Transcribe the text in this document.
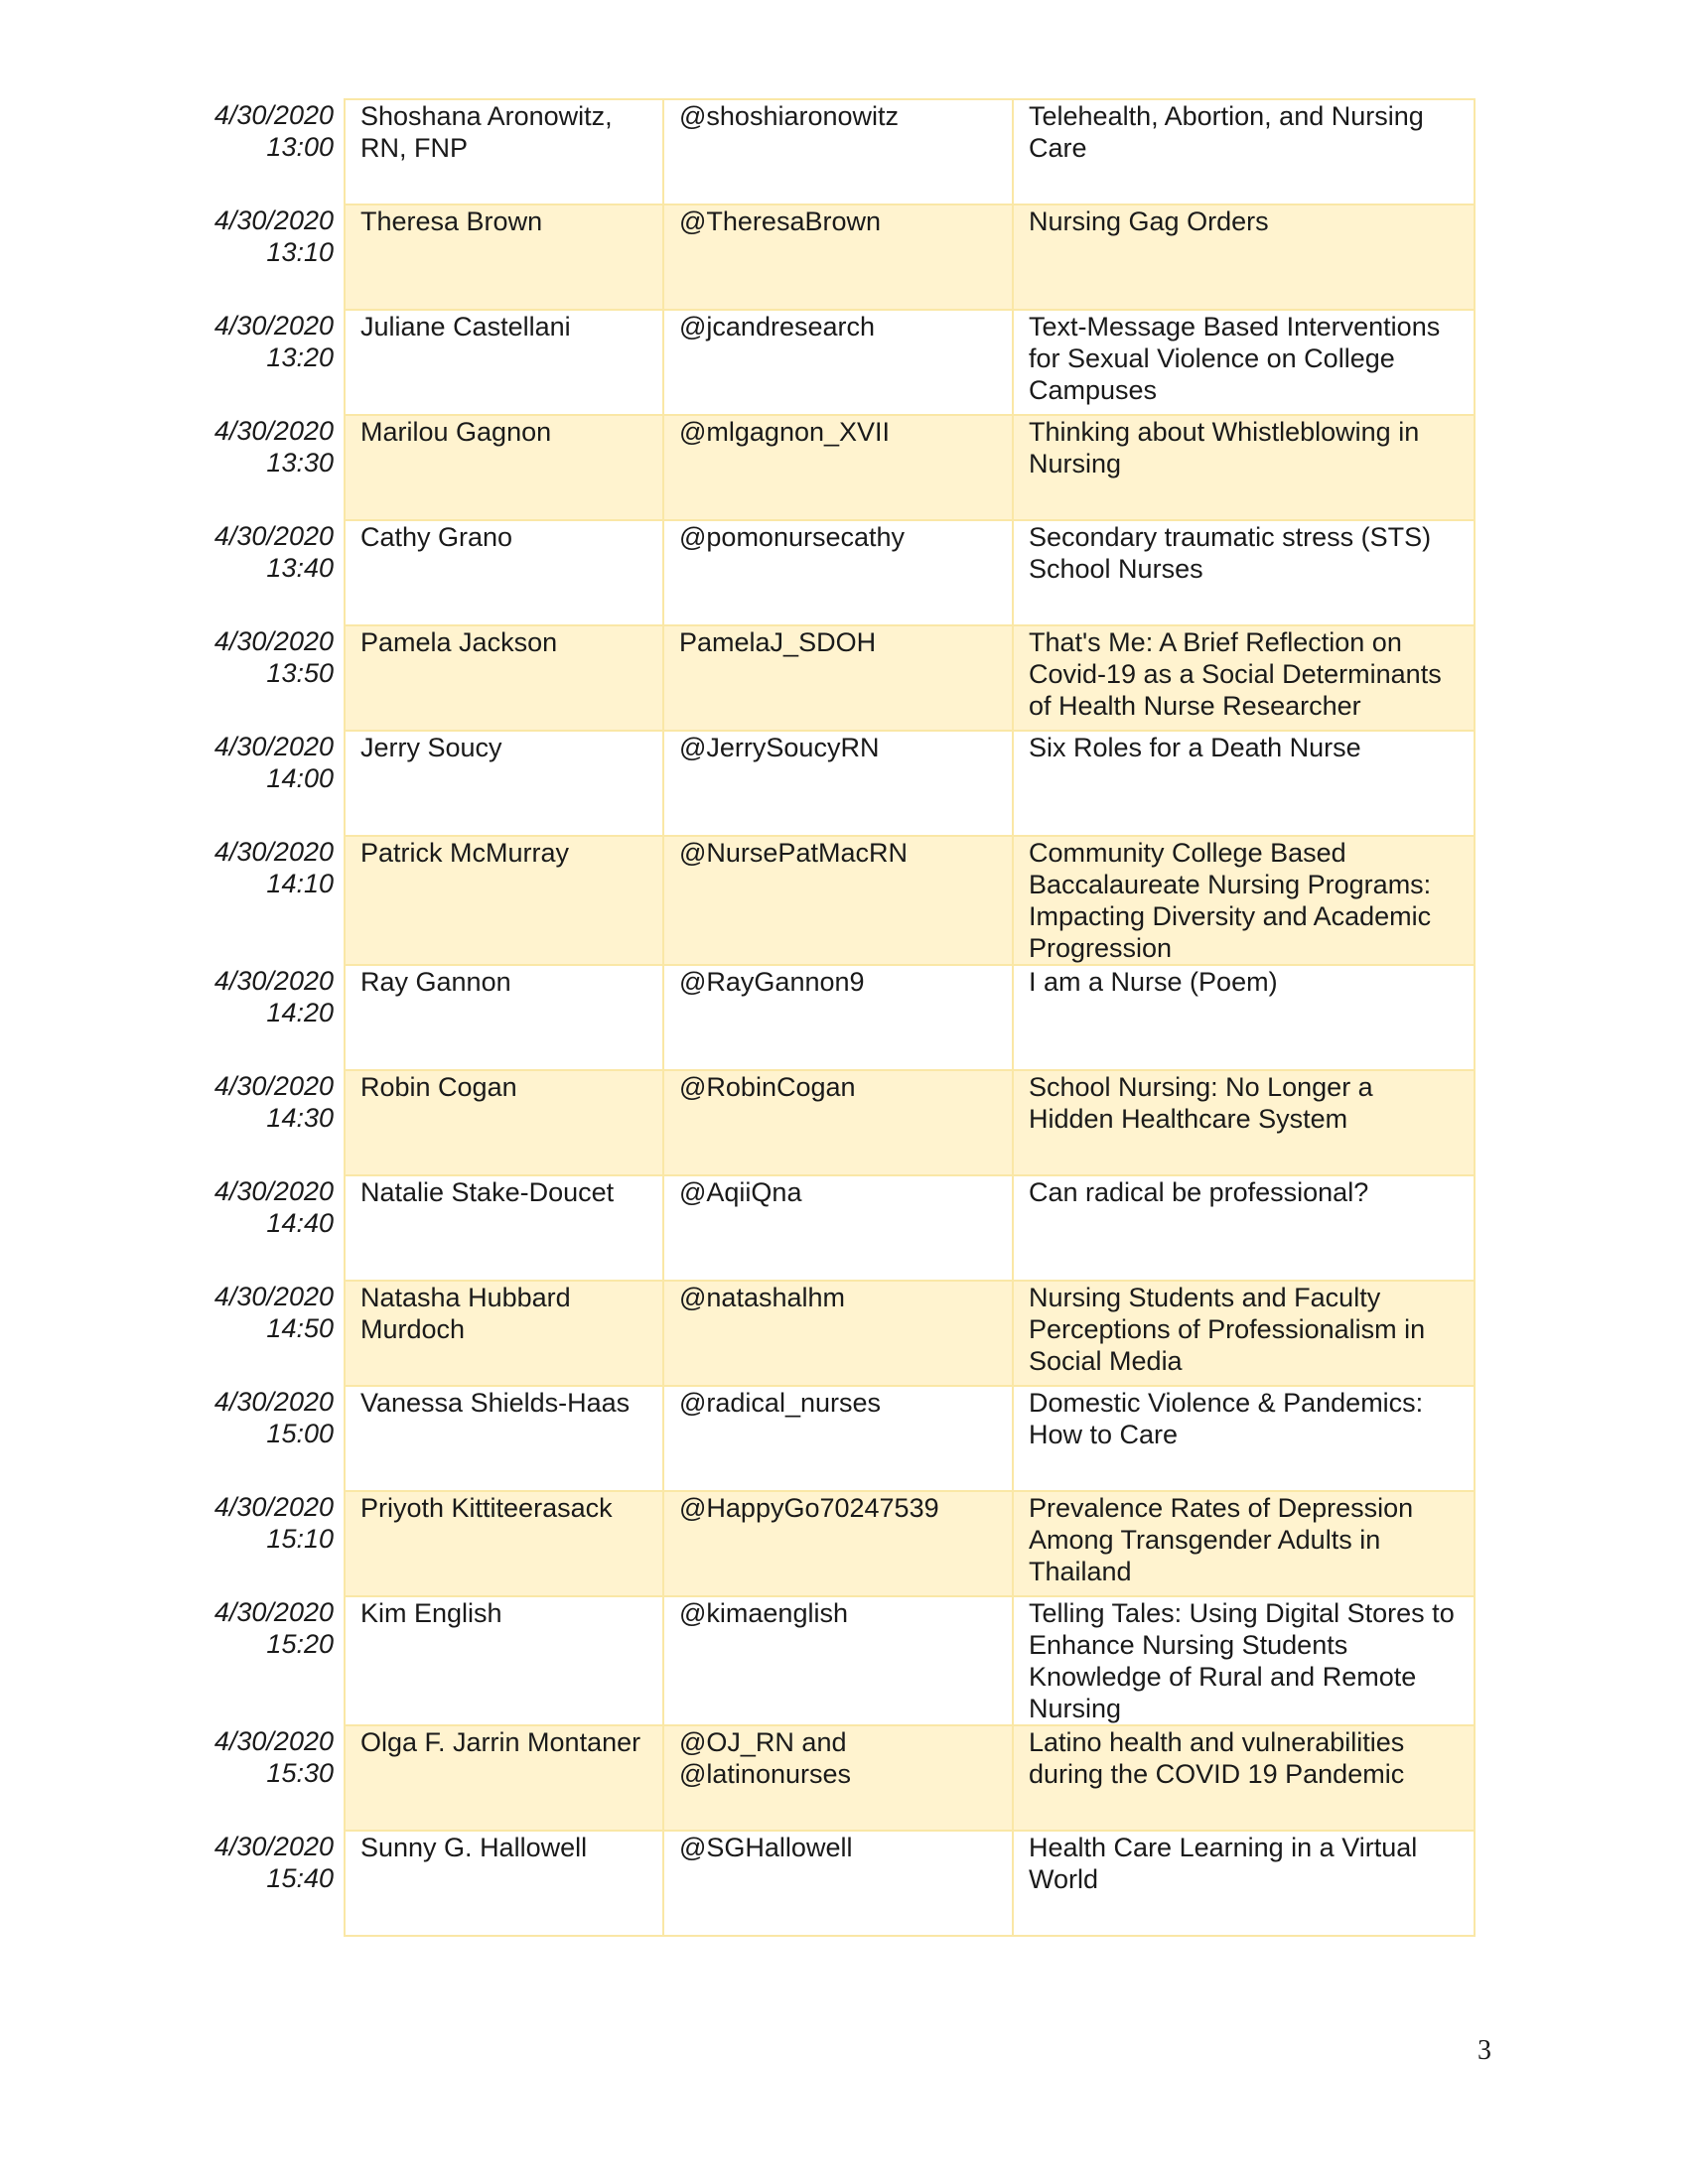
4/30/2020
13:00	Shoshana Aronowitz, RN, FNP	@shoshiaronowitz	Telehealth, Abortion, and Nursing Care

4/30/2020
13:10	Theresa Brown	@TheresaBrown	Nursing Gag Orders

4/30/2020
13:20	Juliane Castellani	@jcandresearch	Text-Message Based Interventions for Sexual Violence on College Campuses

4/30/2020
13:30	Marilou Gagnon	@mlgagnon_XVII	Thinking about Whistleblowing in Nursing

4/30/2020
13:40	Cathy Grano	@pomonursecathy	Secondary traumatic stress (STS) School Nurses

4/30/2020
13:50	Pamela Jackson	PamelaJ_SDOH	That's Me: A Brief Reflection on Covid-19 as a Social Determinants of Health Nurse Researcher

4/30/2020
14:00	Jerry Soucy	@JerrySoucyRN	Six Roles for a Death Nurse

4/30/2020
14:10	Patrick McMurray	@NursePatMacRN	Community College Based Baccalaureate Nursing Programs: Impacting Diversity and Academic Progression

4/30/2020
14:20	Ray Gannon	@RayGannon9	I am a Nurse (Poem)

4/30/2020
14:30	Robin Cogan	@RobinCogan	School Nursing: No Longer a Hidden Healthcare System

4/30/2020
14:40	Natalie Stake-Doucet	@AqiiQna	Can radical be professional?

4/30/2020
14:50	Natasha Hubbard Murdoch	@natashalhm	Nursing Students and Faculty Perceptions of Professionalism in Social Media

4/30/2020
15:00	Vanessa Shields-Haas	@radical_nurses	Domestic Violence & Pandemics: How to Care

4/30/2020
15:10	Priyoth Kittiteerasack	@HappyGo70247539	Prevalence Rates of Depression Among Transgender Adults in Thailand

4/30/2020
15:20	Kim English	@kimaenglish	Telling Tales: Using Digital Stores to Enhance Nursing Students Knowledge of Rural and Remote Nursing

4/30/2020
15:30	Olga F. Jarrin Montaner	@OJ_RN and
@latinonurses	Latino health and vulnerabilities during the COVID 19 Pandemic

4/30/2020
15:40	Sunny G. Hallowell	@SGHallowell	Health Care Learning in a Virtual World
3
